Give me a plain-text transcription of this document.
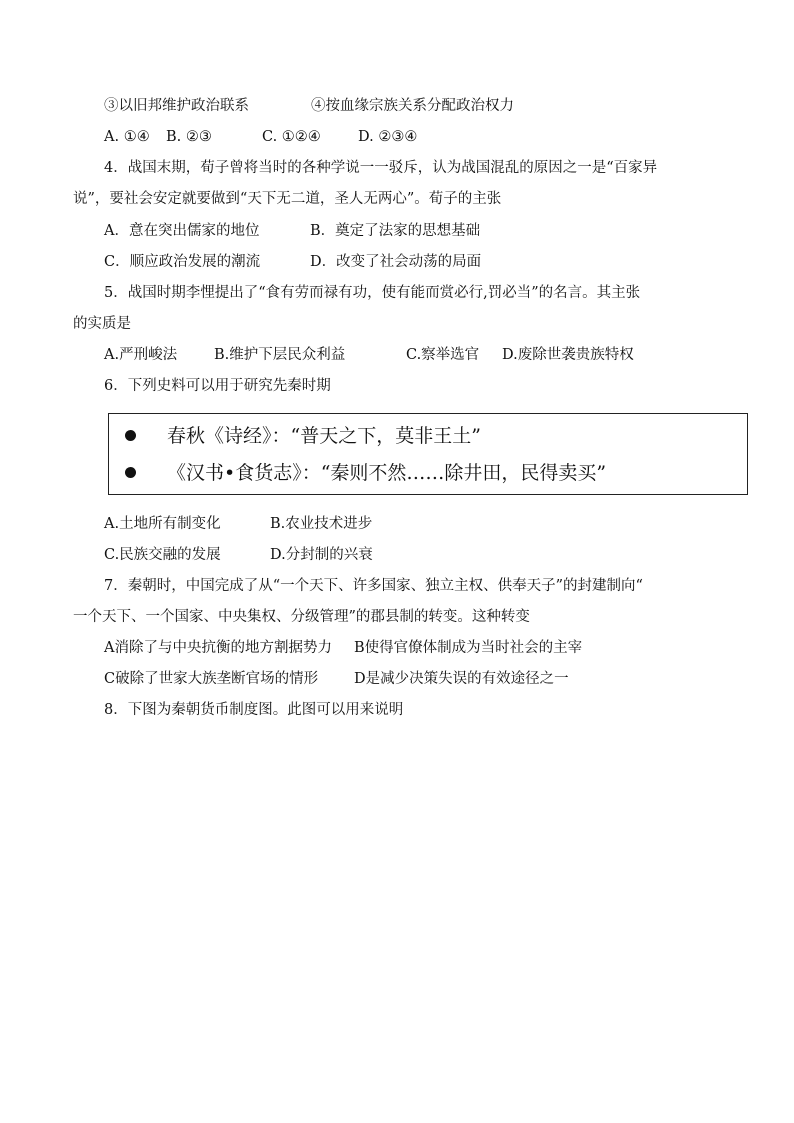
③以旧邦维护政治联系	④按血缘宗族关系分配政治权力
A. ①④ B. ②③	C. ①②④	D. ②③④
4．战国末期，荀子曾将当时的各种学说一一驳斥，认为战国混乱的原因之一是“百家异
说”，要社会安定就要做到“天下无二道，圣人无两心”。荀子的主张
A．意在突出儒家的地位	B．奠定了法家的思想基础
C．顺应政治发展的潮流	D．改变了社会动荡的局面
5．战国时期李悝提出了“食有劳而禄有功，使有能而赏必行,罚必当”的名言。其主张
的实质是
A.严刑峻法	B.维护下层民众利益	C.察举选官 D.废除世袭贵族特权
6．下列史料可以用于研究先秦时期
春秋《诗经》：“普天之下，莫非王土”
《汉书•食货志》：“秦则不然……除井田，民得卖买”
A.土地所有制变化	B.农业技术进步
C.民族交融的发展	D.分封制的兴衰
7．秦朝时，中国完成了从“一个天下、许多国家、独立主权、供奉天子”的封建制向“
一个天下、一个国家、中央集权、分级管理”的郡县制的转变。这种转变
A消除了与中央抗衡的地方割据势力 B使得官僚体制成为当时社会的主宰
C破除了世家大族垄断官场的情形 D是减少决策失误的有效途径之一
8．下图为秦朝货币制度图。此图可以用来说明
